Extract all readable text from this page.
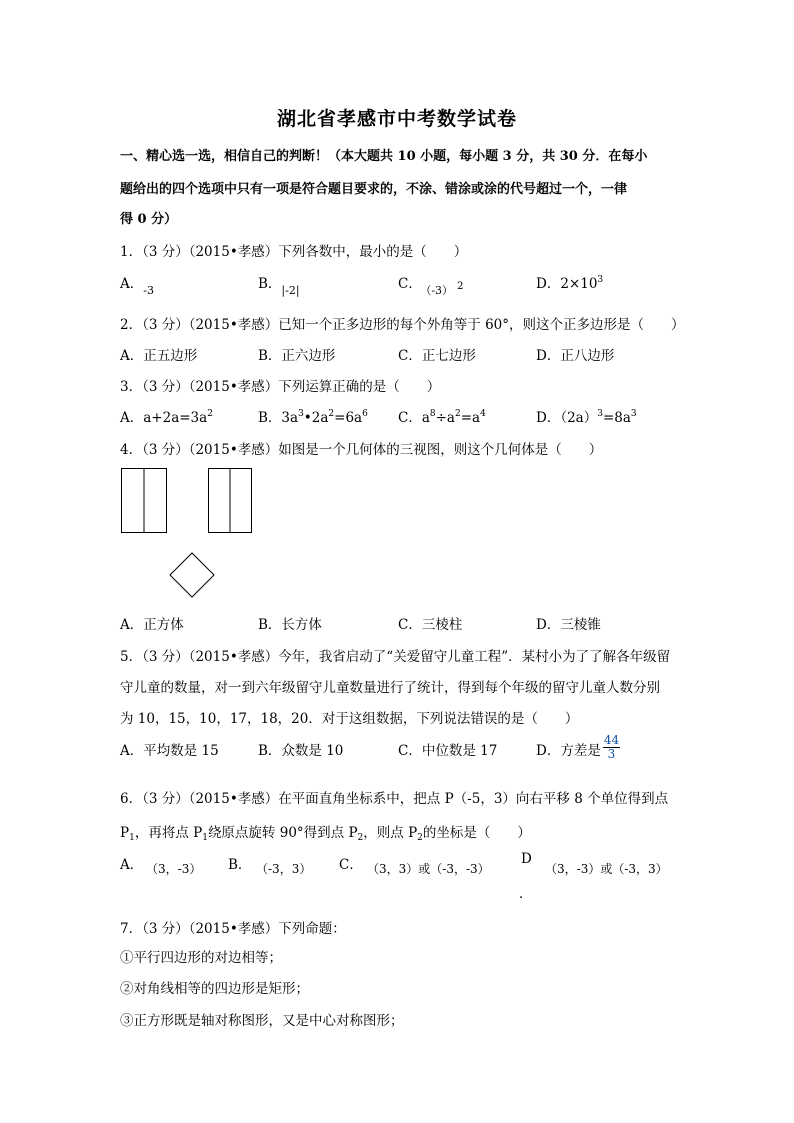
湖北省孝感市中考数学试卷
一、精心选一选，相信自己的判断！（本大题共 10 小题，每小题 3 分，共 30 分．在每小
题给出的四个选项中只有一项是符合题目要求的，不涂、错涂或涂的代号超过一个，一律
得 0 分）
1．（3 分）（2015•孝感）下列各数中，最小的是（　　）
A．$_{-3}$	B．$_{|-2|}$	C． $_{(-3)}$ 2	D．$2\times 10^3$
2．（3 分）（2015•孝感）已知一个正多边形的每个外角等于 60°，则这个正多边形是（　　）
A．正五边形	B．正六边形	C．正七边形	D．正八边形
3．（3 分）（2015•孝感）下列运算正确的是（　　）
A．$a+2a=3a^2$	B．$3a^3•2a^2=6a^6$ C．$a^8\div a^2=a^4$	D．$(2a)^3=8a^3$
4．（3 分）（2015•孝感）如图是一个几何体的三视图，则这个几何体是（　　）
A．正方体	B．长方体	C．三棱柱	D．三棱锥
5．（3 分）（2015•孝感）今年，我省启动了“关爱留守儿童工程”．某村小为了了解各年级留
守儿童的数量，对一到六年级留守儿童数量进行了统计，得到每个年级的留守儿童人数分别
为 10，15，10，17，18，20．对于这组数据，下列说法错误的是（　　）
A．平均数是 15	B．众数是 10	C．中位数是 17	D．方差是 $\frac{44}{3}$
6．（3 分）（2015•孝感）在平面直角坐标系中，把点 P（-5，3）向右平移 8 个单位得到点
$P_1$，再将点 $P_1$绕原点旋转 90°得到点 $P_2$，则点 $P_2$的坐标是（　　）
A． （3，-3） B． （-3，3） C． （3，3）或（-3，-3）
D
．
（3，-3）或（-3，3）
7．（3 分）（2015•孝感）下列命题：
①平行四边形的对边相等；
②对角线相等的四边形是矩形；
③正方形既是轴对称图形，又是中心对称图形；
